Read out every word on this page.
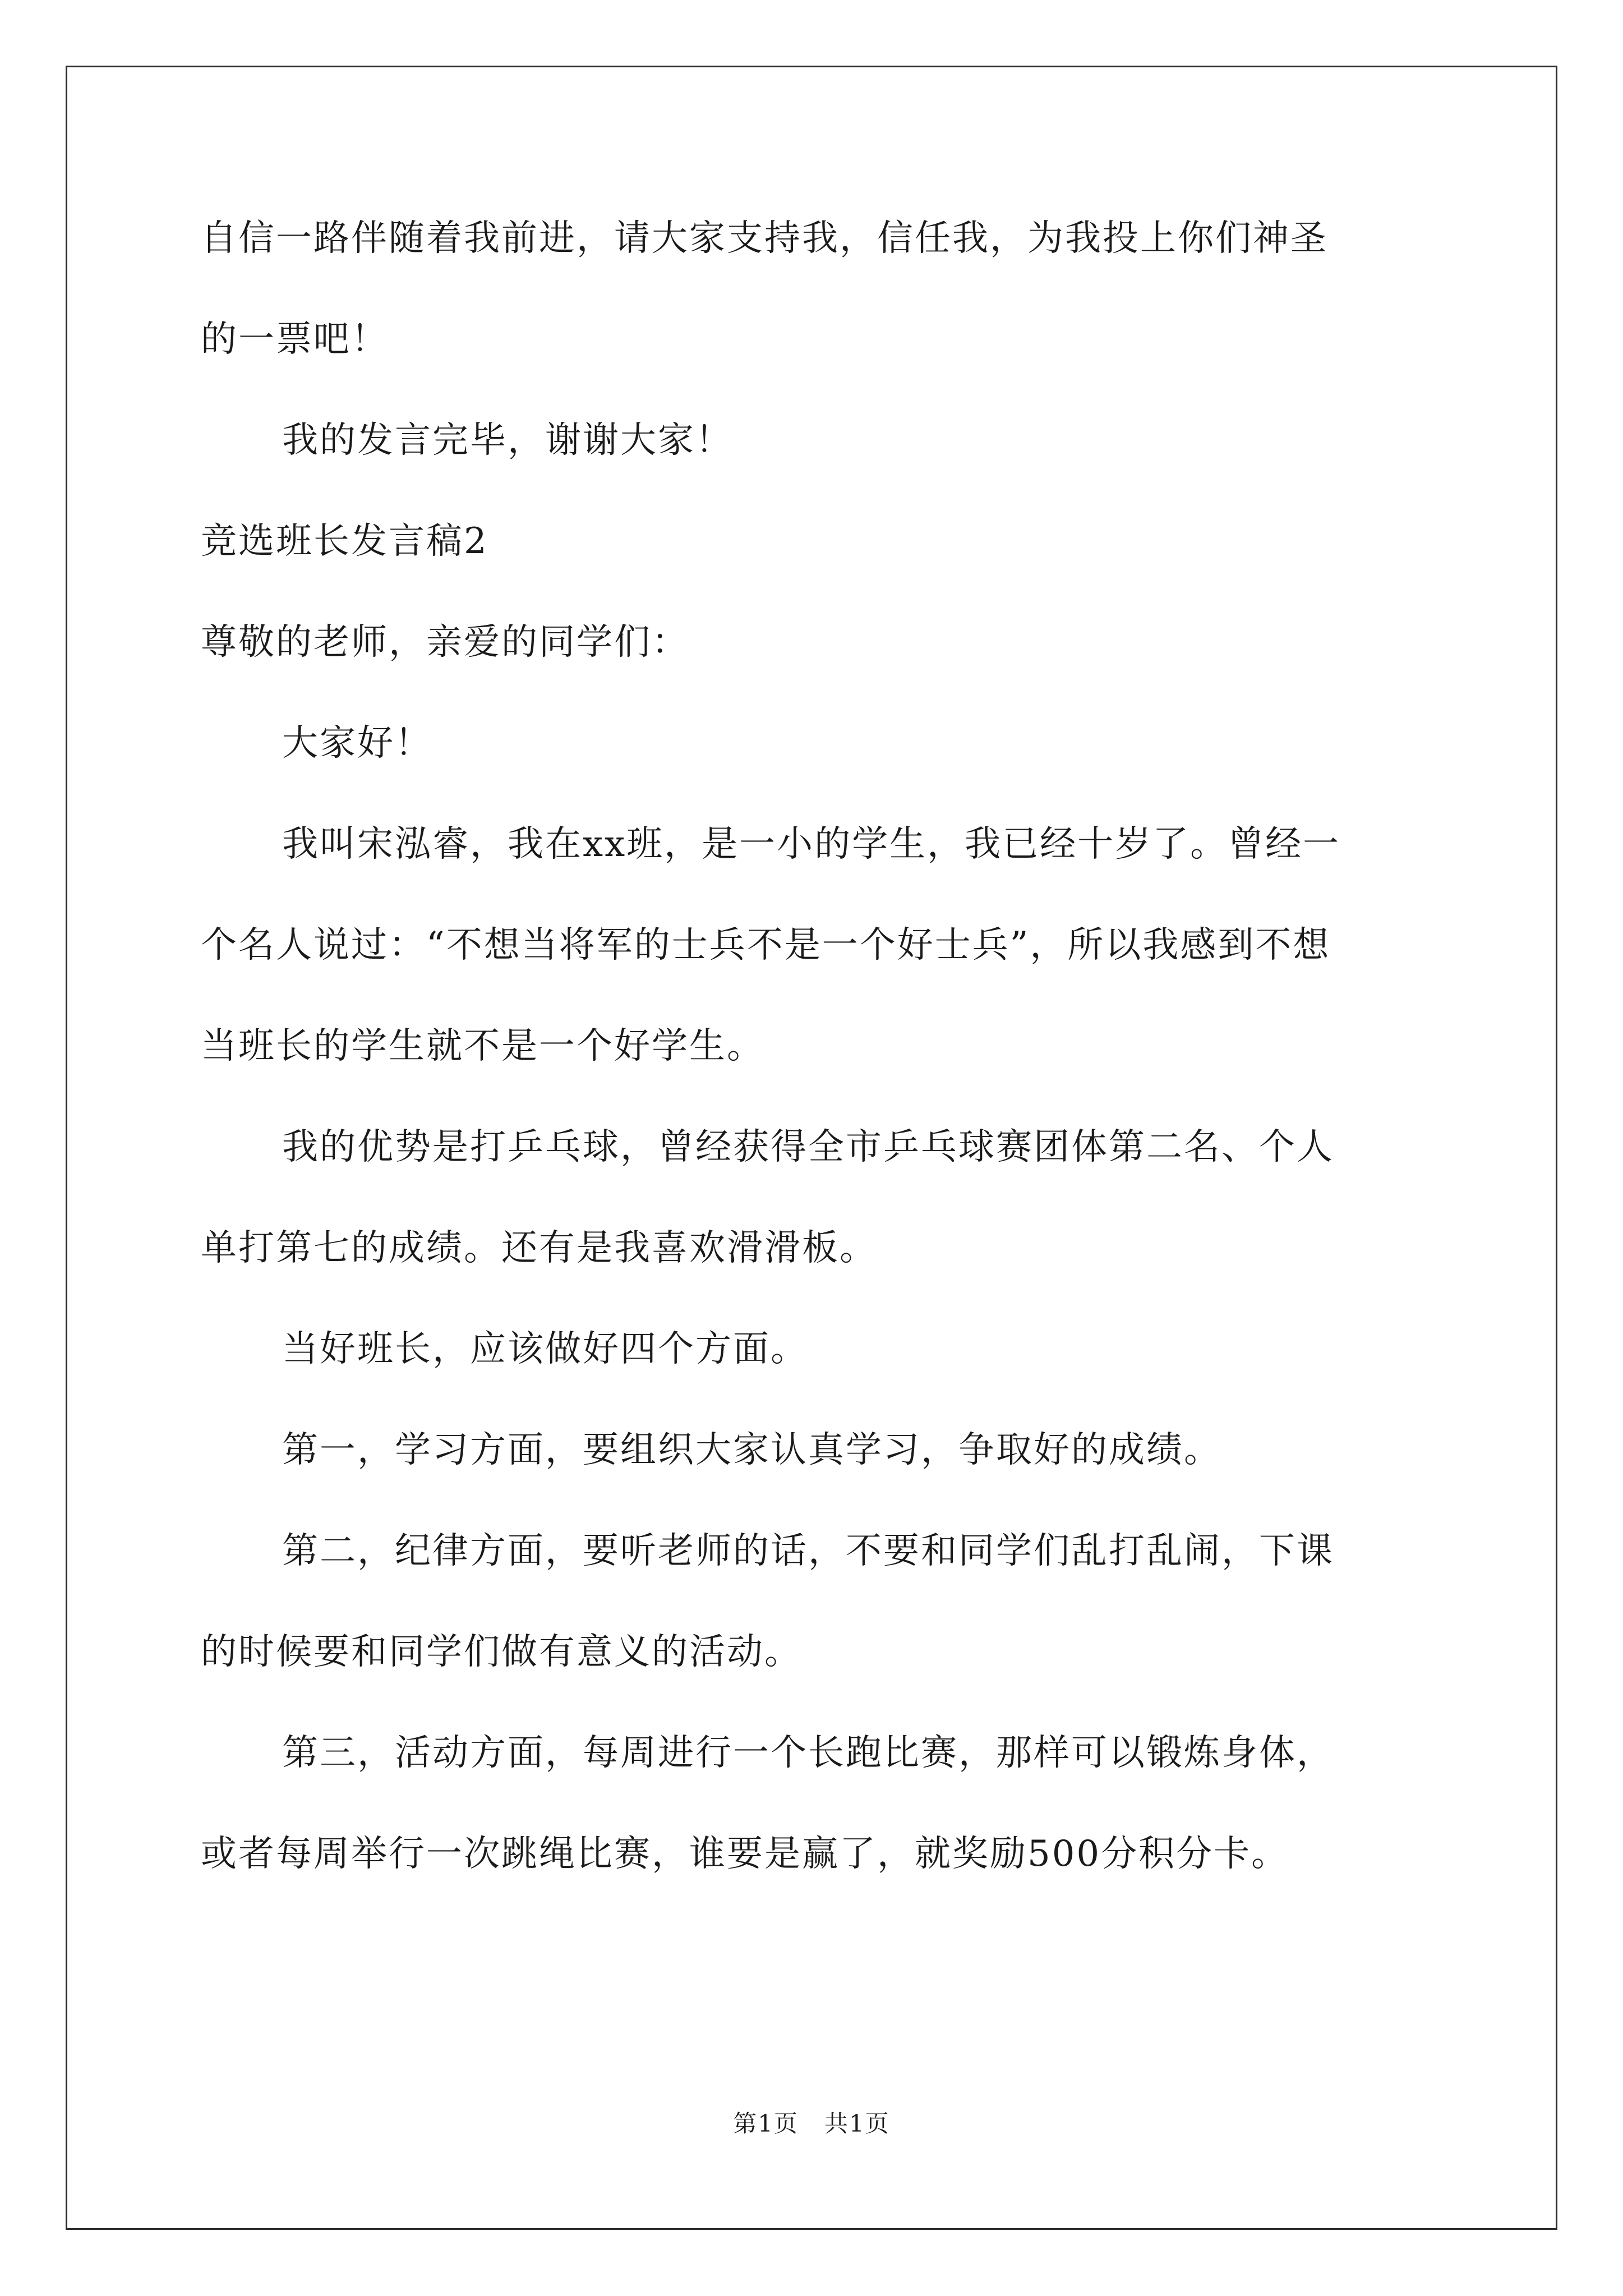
自信一路伴随着我前进，请大家支持我，信任我，为我投上你们神圣

的一票吧！

我的发言完毕，谢谢大家！

竞选班长发言稿2

尊敬的老师，亲爱的同学们：

大家好！

我叫宋泓睿，我在xx班，是一小的学生，我已经十岁了。曾经一

个名人说过：“不想当将军的士兵不是一个好士兵”，所以我感到不想

当班长的学生就不是一个好学生。

我的优势是打乒乓球，曾经获得全市乒乓球赛团体第二名、个人

单打第七的成绩。还有是我喜欢滑滑板。

当好班长，应该做好四个方面。

第一，学习方面，要组织大家认真学习，争取好的成绩。

第二，纪律方面，要听老师的话，不要和同学们乱打乱闹，下课

的时候要和同学们做有意义的活动。

第三，活动方面，每周进行一个长跑比赛，那样可以锻炼身体，

或者每周举行一次跳绳比赛，谁要是赢了，就奖励500分积分卡。

第1页   共1页
